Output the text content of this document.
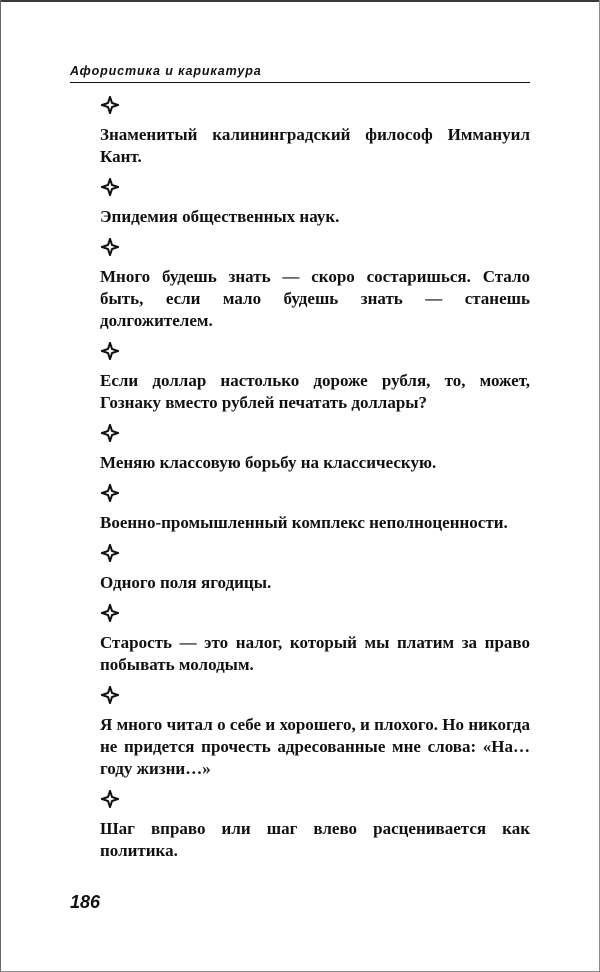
Афористика и карикатура

Знаменитый калининградский философ Иммануил Кант.

Эпидемия общественных наук.

Много будешь знать — скоро состаришься. Стало быть, если мало будешь знать — станешь долгожителем.

Если доллар настолько дороже рубля, то, может, Гознаку вместо рублей печатать доллары?

Меняю классовую борьбу на классическую.

Военно-промышленный комплекс неполноценности.

Одного поля ягодицы.

Старость — это налог, который мы платим за право побывать молодым.

Я много читал о себе и хорошего, и плохого. Но никогда не придется прочесть адресованные мне слова: «На… году жизни…»

Шаг вправо или шаг влево расценивается как политика.

186
